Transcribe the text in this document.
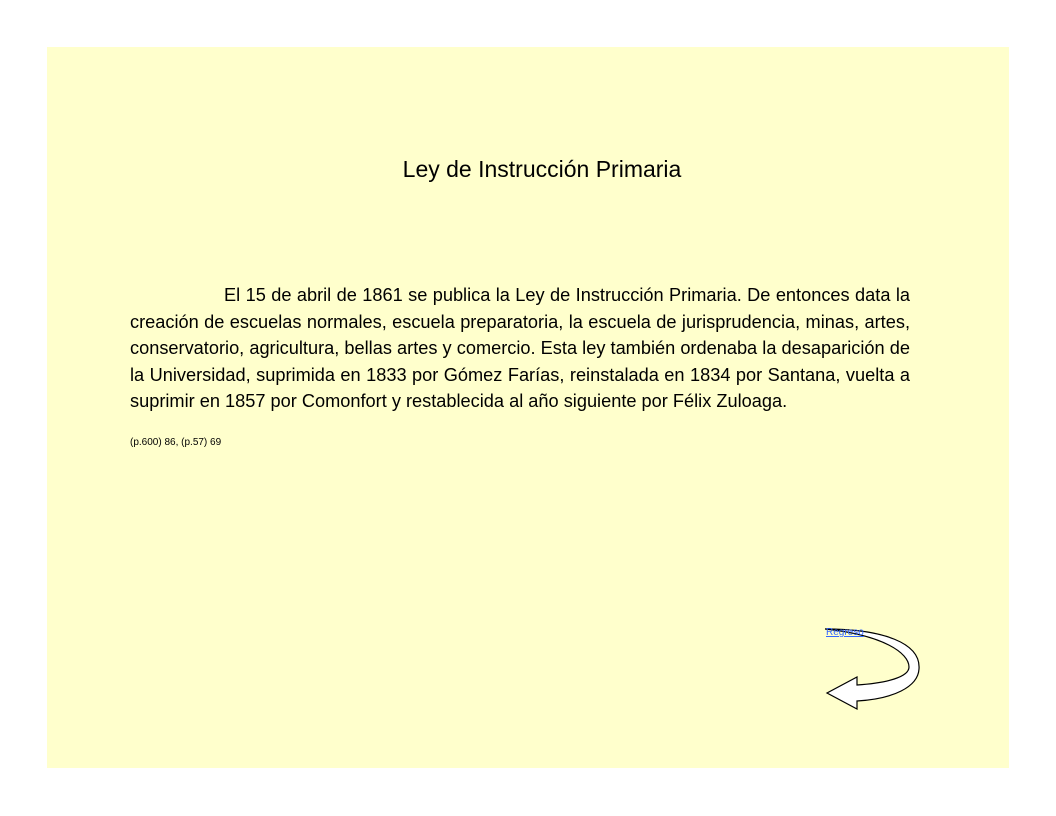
Ley de Instrucción Primaria

El 15 de abril de 1861 se publica la Ley de Instrucción Primaria. De entonces data la creación de escuelas normales, escuela preparatoria, la escuela de jurisprudencia, minas, artes, conservatorio, agricultura, bellas artes y comercio. Esta ley también ordenaba la desaparición de la Universidad, suprimida en 1833 por Gómez Farías, reinstalada en 1834 por Santana, vuelta a suprimir en 1857 por Comonfort y restablecida al año siguiente por Félix Zuloaga.

(p.600) 86, (p.57) 69

Regreso
